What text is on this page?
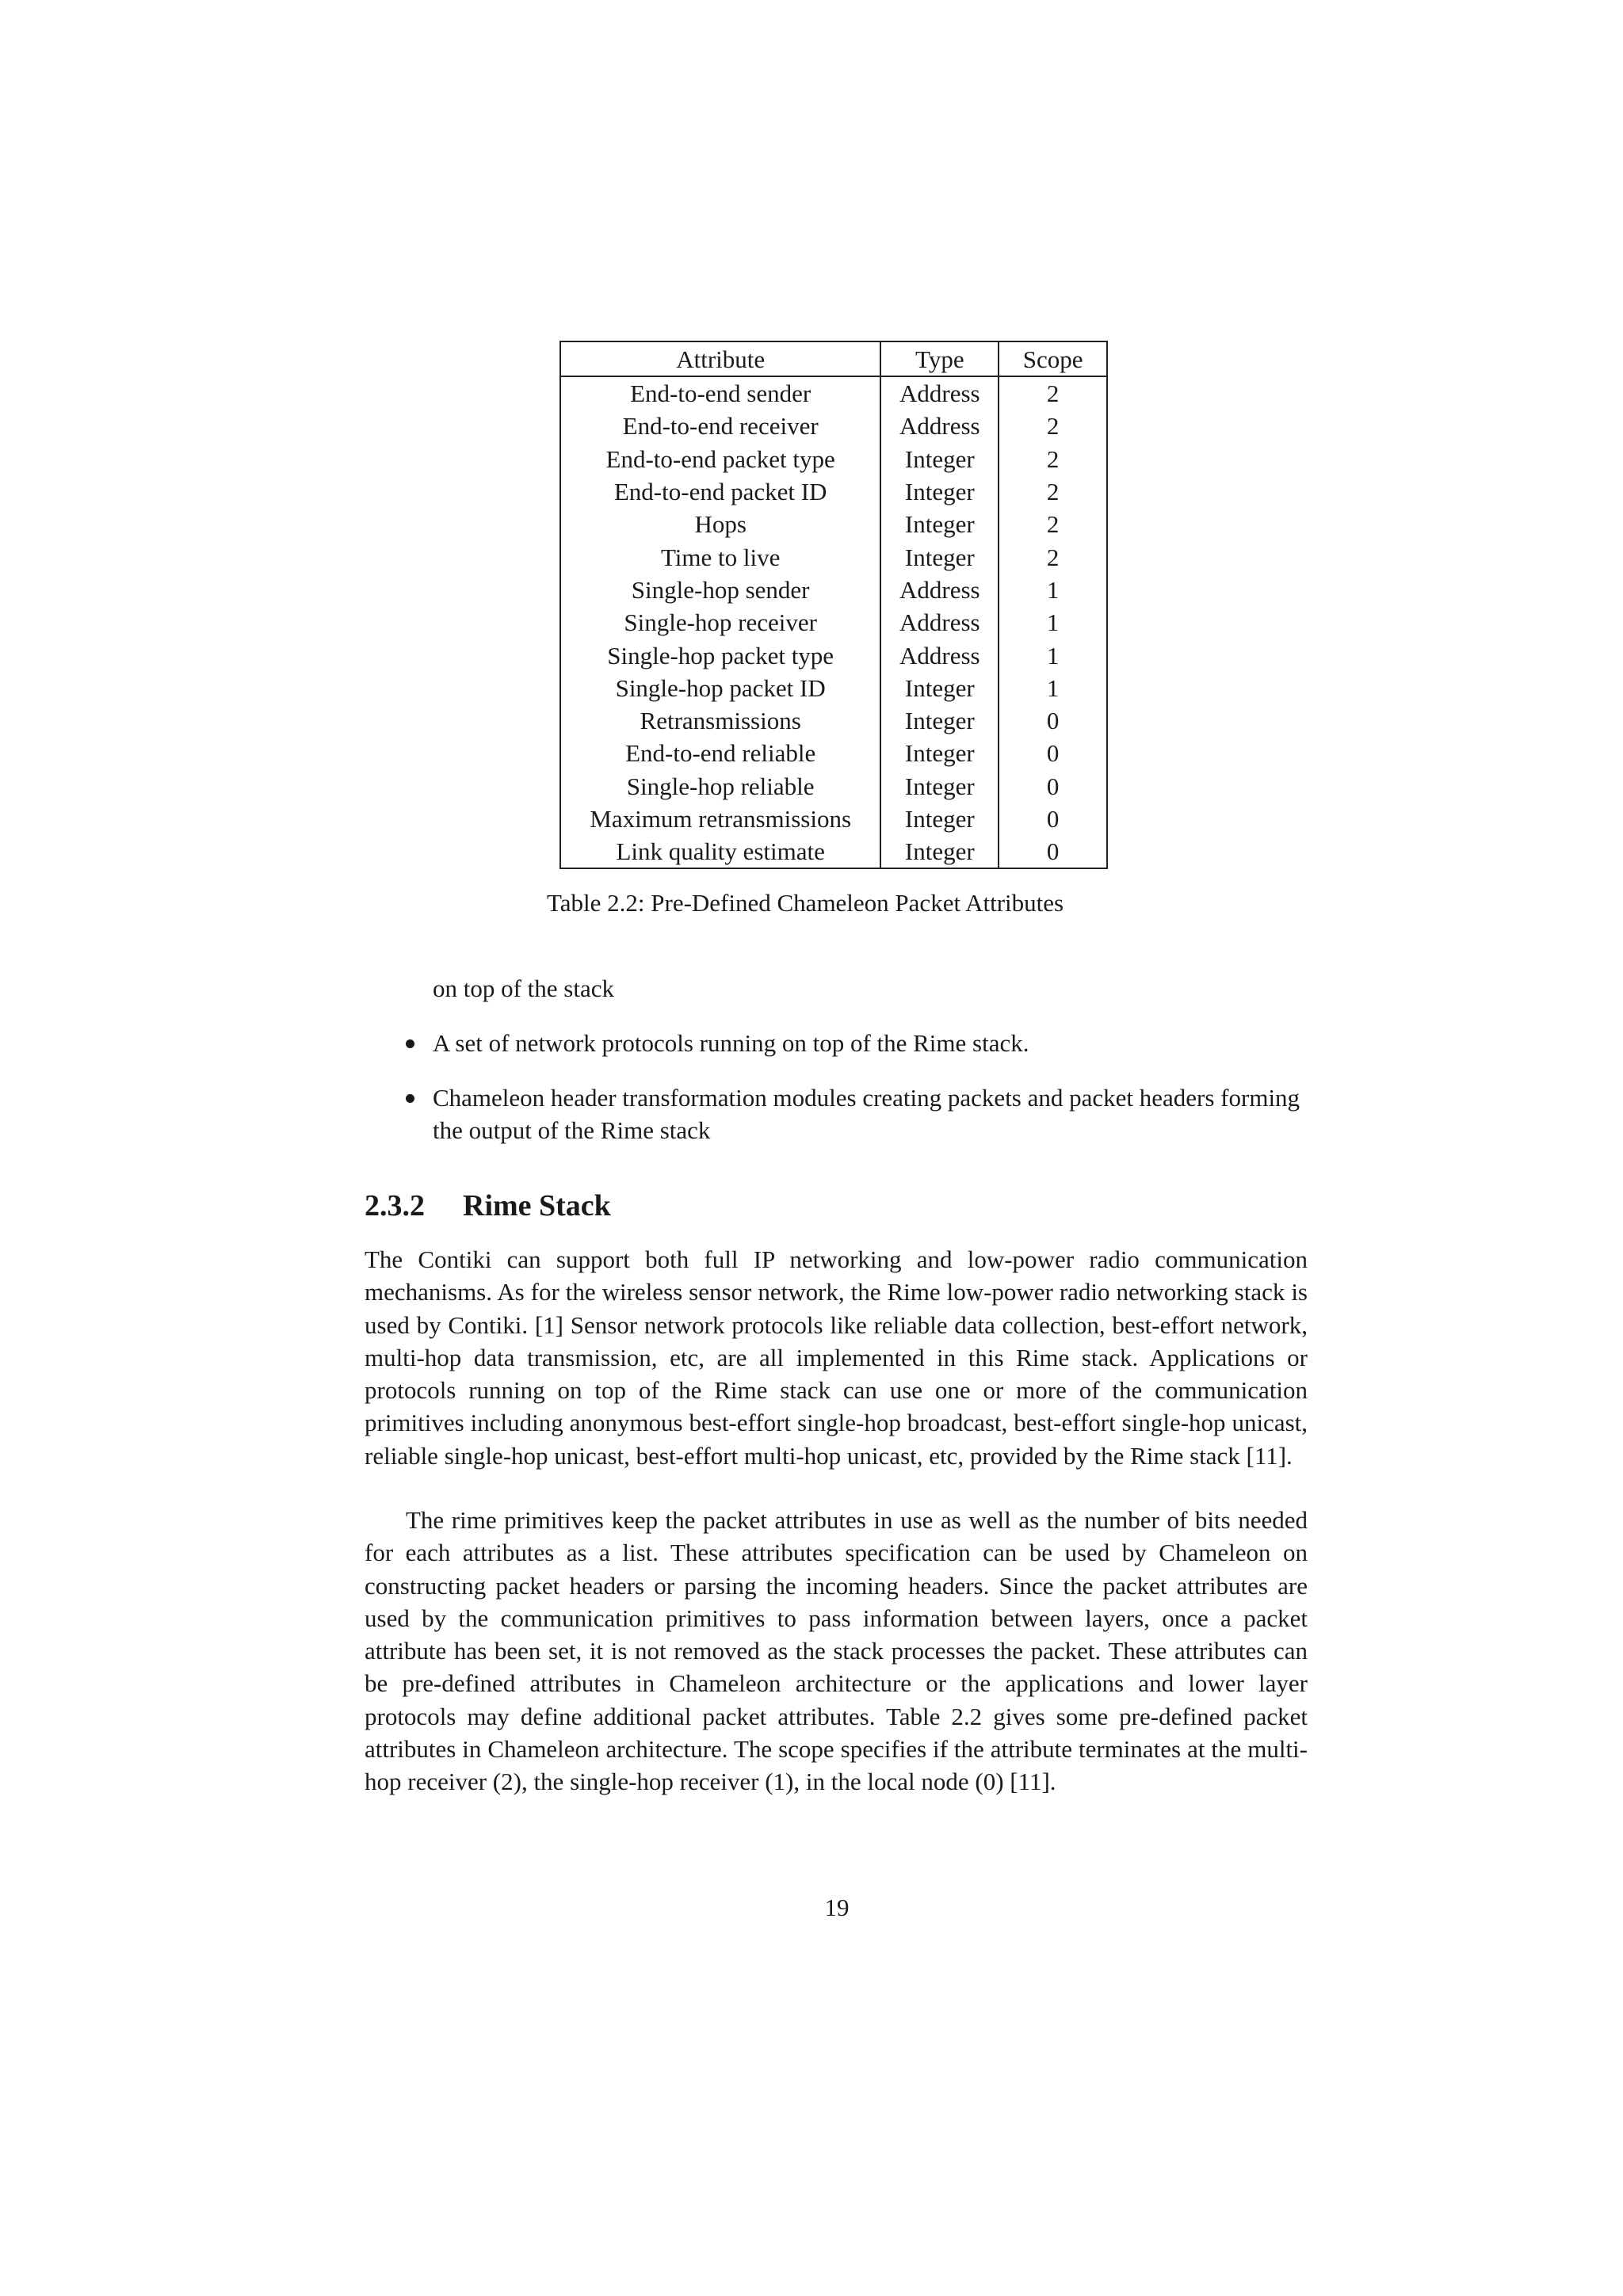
Attribute	Type	Scope
End-to-end sender	Address	2
End-to-end receiver	Address	2
End-to-end packet type	Integer	2
End-to-end packet ID	Integer	2
Hops	Integer	2
Time to live	Integer	2
Single-hop sender	Address	1
Single-hop receiver	Address	1
Single-hop packet type	Address	1
Single-hop packet ID	Integer	1
Retransmissions	Integer	0
End-to-end reliable	Integer	0
Single-hop reliable	Integer	0
Maximum retransmissions	Integer	0
Link quality estimate	Integer	0
Table 2.2: Pre-Defined Chameleon Packet Attributes
on top of the stack
A set of network protocols running on top of the Rime stack.
Chameleon header transformation modules creating packets and packet headers forming the output of the Rime stack
2.3.2 Rime Stack

The Contiki can support both full IP networking and low-power radio communication mechanisms. As for the wireless sensor network, the Rime low-power radio networking stack is used by Contiki. [1] Sensor network protocols like reliable data collection, best-effort network, multi-hop data transmission, etc, are all implemented in this Rime stack. Applications or protocols running on top of the Rime stack can use one or more of the communication primitives including anonymous best-effort single-hop broadcast, best-effort single-hop unicast, reliable single-hop unicast, best-effort multi-hop unicast, etc, provided by the Rime stack [11].

The rime primitives keep the packet attributes in use as well as the number of bits needed for each attributes as a list. These attributes specification can be used by Chameleon on constructing packet headers or parsing the incoming headers. Since the packet attributes are used by the communication primitives to pass information between layers, once a packet attribute has been set, it is not removed as the stack processes the packet. These attributes can be pre-defined attributes in Chameleon architecture or the applications and lower layer protocols may define additional packet attributes. Table 2.2 gives some pre-defined packet attributes in Chameleon architecture. The scope specifies if the attribute terminates at the multi-hop receiver (2), the single-hop receiver (1), in the local node (0) [11].

19
